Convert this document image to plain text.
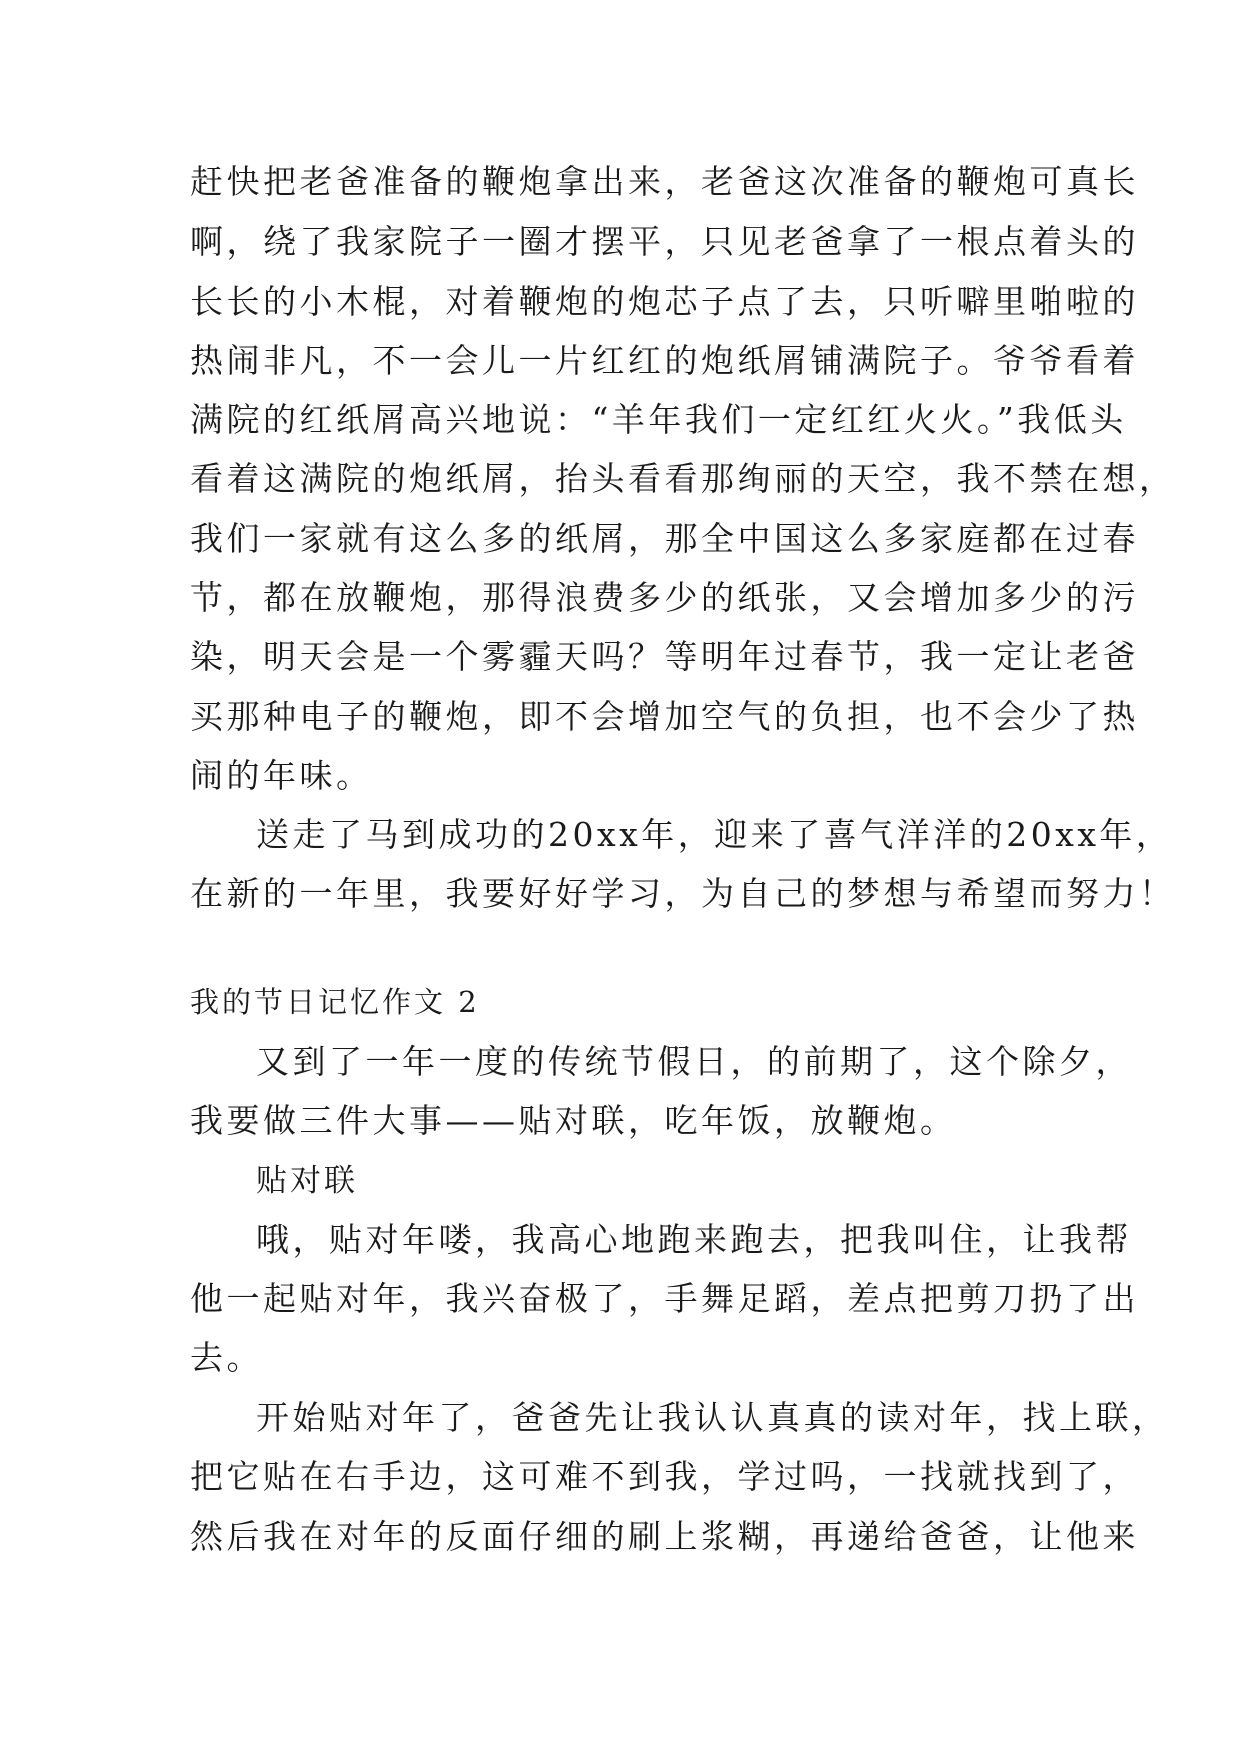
赶快把老爸准备的鞭炮拿出来，老爸这次准备的鞭炮可真长
啊，绕了我家院子一圈才摆平，只见老爸拿了一根点着头的
长长的小木棍，对着鞭炮的炮芯子点了去，只听噼里啪啦的
热闹非凡，不一会儿一片红红的炮纸屑铺满院子。爷爷看着
满院的红纸屑高兴地说：“羊年我们一定红红火火。”我低头
看着这满院的炮纸屑，抬头看看那绚丽的天空，我不禁在想，
我们一家就有这么多的纸屑，那全中国这么多家庭都在过春
节，都在放鞭炮，那得浪费多少的纸张，又会增加多少的污
染，明天会是一个雾霾天吗？等明年过春节，我一定让老爸
买那种电子的鞭炮，即不会增加空气的负担，也不会少了热
闹的年味。
送走了马到成功的20xx年，迎来了喜气洋洋的20xx年，
在新的一年里，我要好好学习，为自己的梦想与希望而努力！
我的节日记忆作文 2
又到了一年一度的传统节假日，的前期了，这个除夕，
我要做三件大事——贴对联，吃年饭，放鞭炮。
贴对联
哦，贴对年喽，我高心地跑来跑去，把我叫住，让我帮
他一起贴对年，我兴奋极了，手舞足蹈，差点把剪刀扔了出
去。
开始贴对年了，爸爸先让我认认真真的读对年，找上联，
把它贴在右手边，这可难不到我，学过吗，一找就找到了，
然后我在对年的反面仔细的刷上浆糊，再递给爸爸，让他来
